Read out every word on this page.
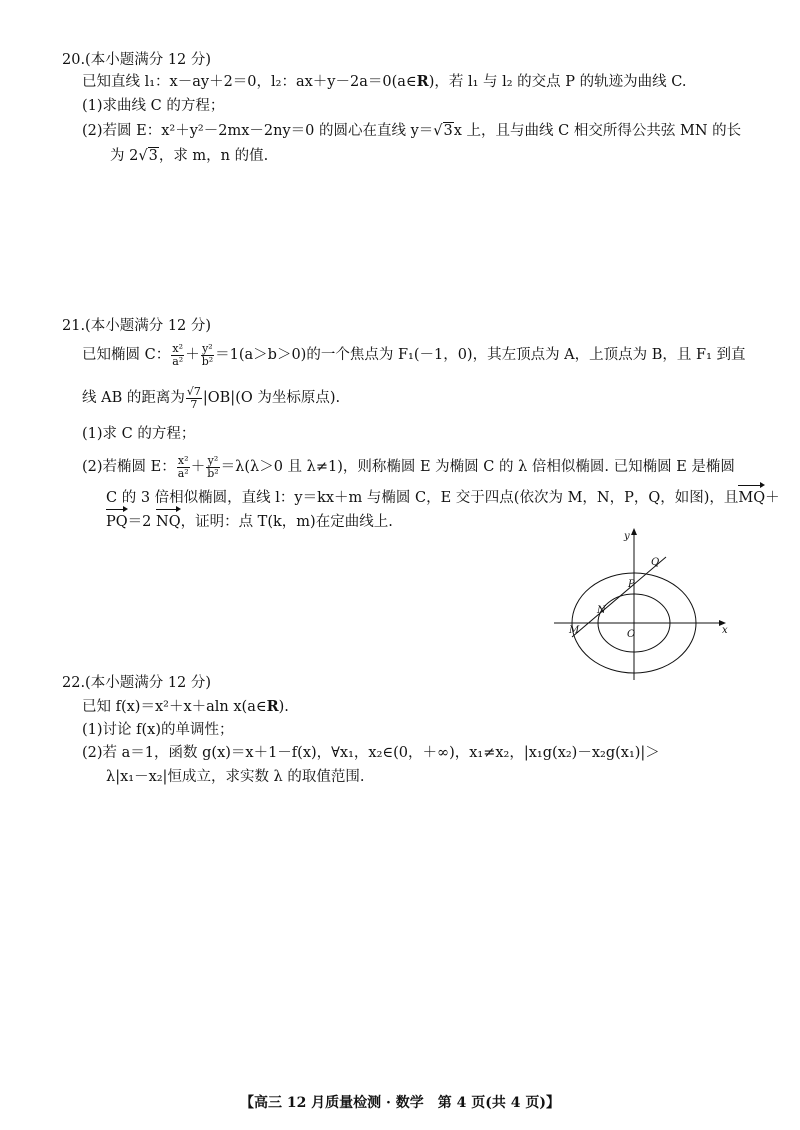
20.(本小题满分 12 分)
已知直线 l₁：x－ay＋2＝0，l₂：ax＋y－2a＝0(a∈R)，若 l₁ 与 l₂ 的交点 P 的轨迹为曲线 C.
(1)求曲线 C 的方程；
(2)若圆 E：x²＋y²－2mx－2ny＝0 的圆心在直线 y＝√3x 上，且与曲线 C 相交所得公共弦 MN 的长
为 2√3，求 m，n 的值.
21.(本小题满分 12 分)
已知椭圆 C： $\frac{\text{x²}}{\text{a²}} + \frac{\text{y²}}{\text{b²}} =1(a>b>0)$的一个焦点为 F₁(－1，0)，其左顶点为 A，上顶点为 B，且 F₁ 到直
线 AB 的距离为 $\frac{√7}{7} |OB|(O$ 为坐标原点).
(1)求 C 的方程；
(2)若椭圆 E： $\frac{\text{x²}}{\text{a²}} + \frac{\text{y²}}{\text{b²}} =\lambda(\lambda>0$ 且 λ≠1)，则称椭圆 E 为椭圆 C 的 λ 倍相似椭圆. 已知椭圆 E 是椭圆
C 的 3 倍相似椭圆，直线 l：y＝kx＋m 与椭圆 C，E 交于四点(依次为 M，N，P，Q，如图)，且MQ＋
PQ＝2 NQ，证明：点 T(k，m)在定曲线上.
y
x
O
Q
P
N
M
22.(本小题满分 12 分)
已知 f(x)＝x²＋x＋aln x(a∈R).
(1)讨论 f(x)的单调性；
(2)若 a＝1，函数 g(x)＝x＋1－f(x)，∀x₁，x₂∈(0，＋∞)，x₁≠x₂，|x₁g(x₂)－x₂g(x₁)|＞
λ|x₁－x₂|恒成立，求实数 λ 的取值范围.
【高三 12 月质量检测 · 数学　第 4 页(共 4 页)】
